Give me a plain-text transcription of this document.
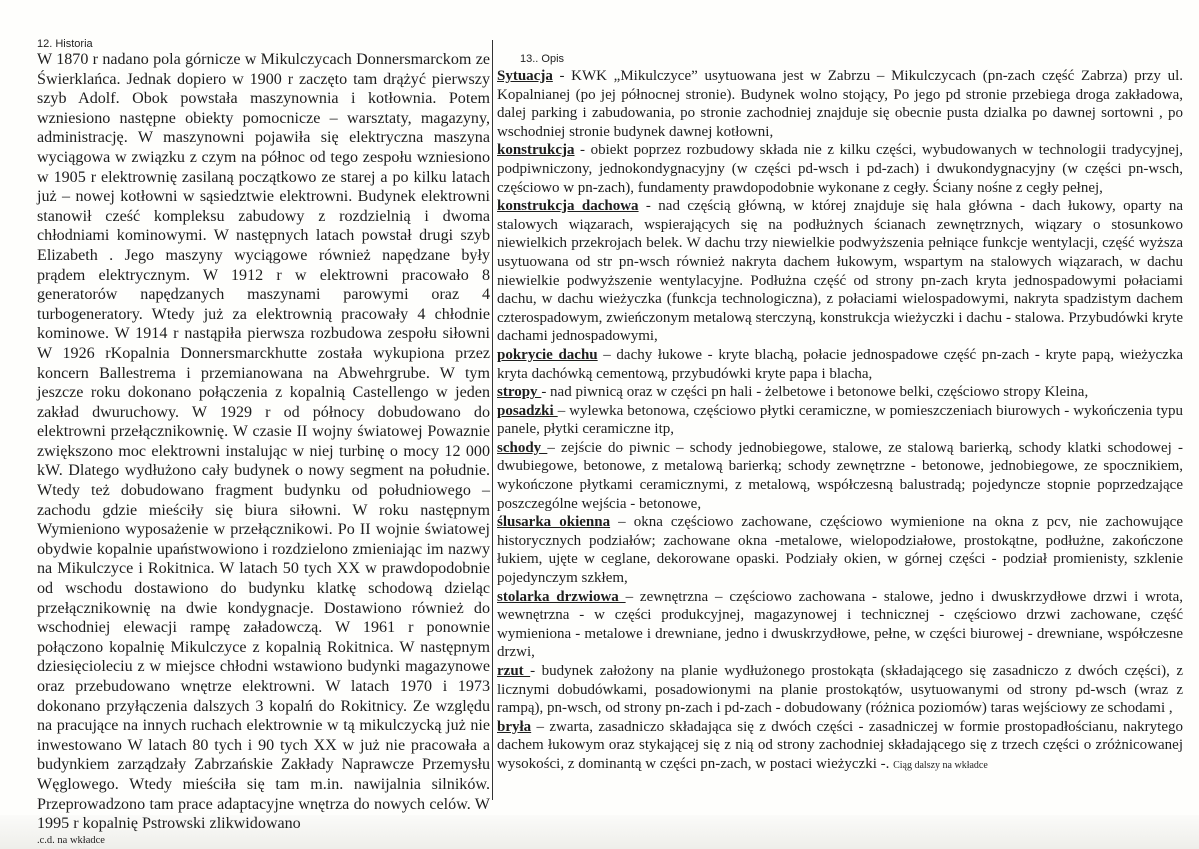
12. Historia

W 1870 r nadano pola górnicze w Mikulczycach Donnersmarckom ze Świerklańca. Jednak dopiero w 1900 r zaczęto tam drążyć pierwszy szyb Adolf. Obok powstała maszynownia i kotłownia. Potem wzniesiono następne obiekty pomocnicze – warsztaty, magazyny, administrację. W maszynowni pojawiła się elektryczna maszyna wyciągowa w związku z czym na północ od tego zespołu wzniesiono w 1905 r elektrownię zasilaną początkowo ze starej a po kilku latach już – nowej kotłowni w sąsiedztwie elektrowni. Budynek elektrowni stanowił cześć kompleksu zabudowy z rozdzielnią i dwoma chłodniami kominowymi. W następnych latach powstał drugi szyb Elizabeth . Jego maszyny wyciągowe również napędzane były prądem elektrycznym. W 1912 r w elektrowni pracowało 8 generatorów napędzanych maszynami parowymi oraz 4 turbogeneratory. Wtedy już za elektrownią pracowały 4 chłodnie kominowe. W 1914 r nastąpiła pierwsza rozbudowa zespołu siłowni W 1926 rKopalnia Donnersmarckhutte została wykupiona przez koncern Ballestrema i przemianowana na Abwehrgrube. W tym jeszcze roku dokonano połączenia z kopalnią Castellengo w jeden zakład dwuruchowy. W 1929 r od północy dobudowano do elektrowni przełącznikownię. W czasie II wojny światowej Powaznie zwiększono moc elektrowni instalując w niej turbinę o mocy 12 000 kW. Dlatego wydłużono cały budynek o nowy segment na południe. Wtedy też dobudowano fragment budynku od południowego – zachodu gdzie mieściły się biura siłowni. W roku następnym Wymieniono wyposażenie w przełącznikowi. Po II wojnie światowej obydwie kopalnie upaństwowiono i rozdzielono zmieniając im nazwy na Mikulczyce i Rokitnica. W latach 50 tych XX w prawdopodobnie od wschodu dostawiono do budynku klatkę schodową dzieląc przełącznikownię na dwie kondygnacje. Dostawiono również do wschodniej elewacji rampę załadowczą. W 1961 r ponownie połączono kopalnię Mikulczyce z kopalnią Rokitnica. W następnym dziesięcioleciu z w miejsce chłodni wstawiono budynki magazynowe oraz przebudowano wnętrze elektrowni. W latach 1970 i 1973 dokonano przyłączenia dalszych 3 kopalń do Rokitnicy. Ze względu na pracujące na innych ruchach elektrownie w tą mikulczycką już nie inwestowano W latach 80 tych i 90 tych XX w już nie pracowała a budynkiem zarządzały Zabrzańskie Zakłady Naprawcze Przemysłu Węglowego. Wtedy mieściła się tam m.in. nawijalnia silników. Przeprowadzono tam prace adaptacyjne wnętrza do nowych celów. W 1995 r kopalnię Pstrowski zlikwidowano

.c.d. na wkładce
13.. Opis

Sytuacja - KWK „Mikulczyce” usytuowana jest w Zabrzu – Mikulczycach (pn-zach część Zabrza) przy ul. Kopalnianej (po jej północnej stronie). Budynek wolno stojący, Po jego pd stronie przebiega droga zakładowa, dalej parking i zabudowania, po stronie zachodniej znajduje się obecnie pusta dzialka po dawnej sortowni , po wschodniej stronie budynek dawnej kotłowni,

konstrukcja - obiekt poprzez rozbudowy składa nie z kilku części, wybudowanych w technologii tradycyjnej, podpiwniczony, jednokondygnacyjny (w części pd-wsch i pd-zach) i dwukondygnacyjny (w części pn-wsch, częściowo w pn-zach), fundamenty prawdopodobnie wykonane z cegły. Ściany nośne z cegły pełnej,

konstrukcja dachowa - nad częścią główną, w której znajduje się hala główna - dach łukowy, oparty na stalowych wiązarach, wspierających się na podłużnych ścianach zewnętrznych, wiązary o stosunkowo niewielkich przekrojach belek. W dachu trzy niewielkie podwyższenia pełniące funkcje wentylacji, część wyższa usytuowana od str pn-wsch również nakryta dachem łukowym, wspartym na stalowych wiązarach, w dachu niewielkie podwyższenie wentylacyjne. Podłużna część od strony pn-zach kryta jednospadowymi połaciami dachu, w dachu wieżyczka (funkcja technologiczna), z połaciami wielospadowymi, nakryta spadzistym dachem czterospadowym, zwieńczonym metalową sterczyną, konstrukcja wieżyczki i dachu - stalowa. Przybudówki kryte dachami jednospadowymi,

pokrycie dachu – dachy łukowe - kryte blachą, połacie jednospadowe część pn-zach - kryte papą, wieżyczka kryta dachówką cementową, przybudówki kryte papa i blacha,

stropy - nad piwnicą oraz w części pn hali - żelbetowe i betonowe belki, częściowo stropy Kleina,

posadzki – wylewka betonowa, częściowo płytki ceramiczne, w pomieszczeniach biurowych - wykończenia typu panele, płytki ceramiczne itp,

schody – zejście do piwnic – schody jednobiegowe, stalowe, ze stalową barierką, schody klatki schodowej - dwubiegowe, betonowe, z metalową barierką; schody zewnętrzne - betonowe, jednobiegowe, ze spocznikiem, wykończone płytkami ceramicznymi, z metalową, współczesną balustradą; pojedyncze stopnie poprzedzające poszczególne wejścia - betonowe,

ślusarka okienna – okna częściowo zachowane, częściowo wymienione na okna z pcv, nie zachowujące historycznych podziałów; zachowane okna -metalowe, wielopodziałowe, prostokątne, podłużne, zakończone łukiem, ujęte w ceglane, dekorowane opaski. Podziały okien, w górnej części - podział promienisty, szklenie pojedynczym szkłem,

stolarka drzwiowa – zewnętrzna – częściowo zachowana - stalowe, jedno i dwuskrzydłowe drzwi i wrota, wewnętrzna - w części produkcyjnej, magazynowej i technicznej - częściowo drzwi zachowane, część wymieniona - metalowe i drewniane, jedno i dwuskrzydłowe, pełne, w części biurowej - drewniane, współczesne drzwi,

rzut - budynek założony na planie wydłużonego prostokąta (składającego się zasadniczo z dwóch części), z licznymi dobudówkami, posadowionymi na planie prostokątów, usytuowanymi od strony pd-wsch (wraz z rampą), pn-wsch, od strony pn-zach i pd-zach - dobudowany (różnica poziomów) taras wejściowy ze schodami ,

bryła – zwarta, zasadniczo składająca się z dwóch części - zasadniczej w formie prostopadłościanu, nakrytego dachem łukowym oraz stykającej się z nią od strony zachodniej składającego się z trzech części o zróżnicowanej wysokości, z dominantą w części pn-zach, w postaci wieżyczki -. Ciąg dalszy na wkładce
